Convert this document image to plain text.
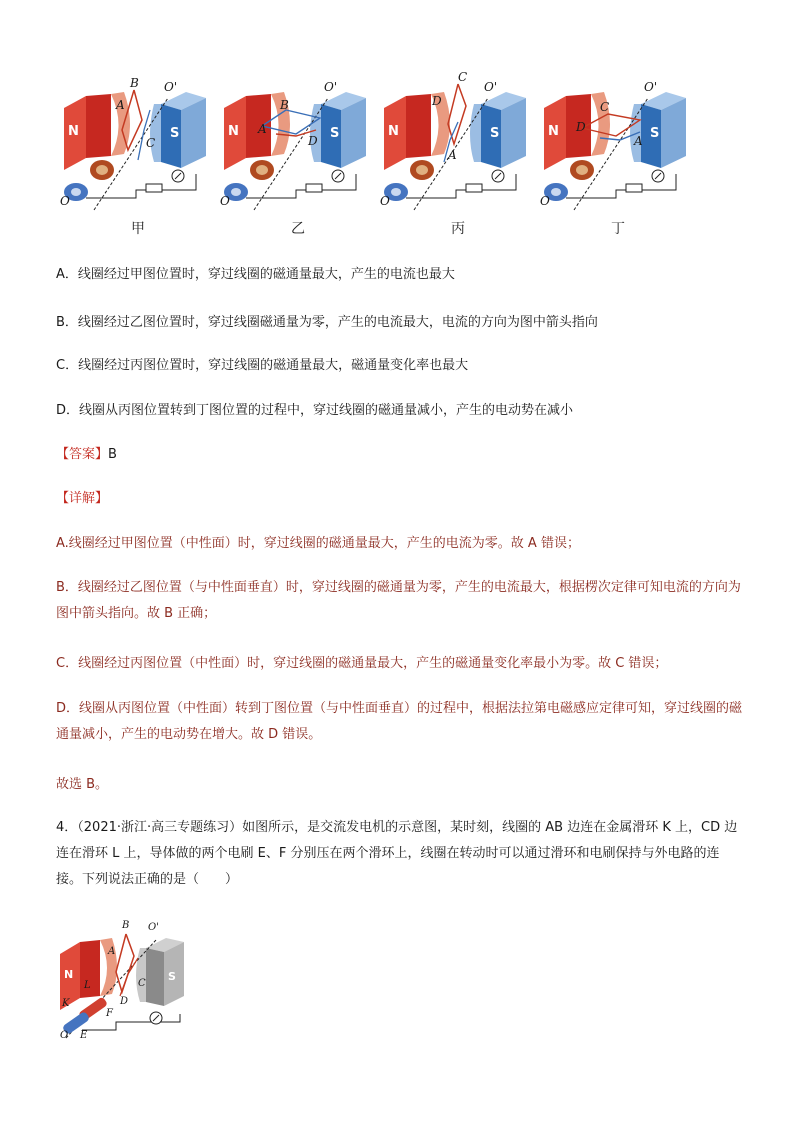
N	S
B
A
C
O'
O
甲
N	S
B
A
D
O'
O
乙
N	S
C
D
A
O'
O
丙
N	S
C
D
A
O'
O
丁
A．线圈经过甲图位置时，穿过线圈的磁通量最大，产生的电流也最大
B．线圈经过乙图位置时，穿过线圈磁通量为零，产生的电流最大，电流的方向为图中箭头指向
C．线圈经过丙图位置时，穿过线圈的磁通量最大，磁通量变化率也最大
D．线圈从丙图位置转到丁图位置的过程中，穿过线圈的磁通量减小，产生的电动势在减小
【答案】B
【详解】
A.线圈经过甲图位置（中性面）时，穿过线圈的磁通量最大，产生的电流为零。故 A 错误；
B．线圈经过乙图位置（与中性面垂直）时，穿过线圈的磁通量为零，产生的电流最大，根据楞次定律可知电流的方向为图中箭头指向。故 B 正确；
C．线圈经过丙图位置（中性面）时，穿过线圈的磁通量最大，产生的磁通量变化率最小为零。故 C 错误；
D．线圈从丙图位置（中性面）转到丁图位置（与中性面垂直）的过程中，根据法拉第电磁感应定律可知，穿过线圈的磁通量减小，产生的电动势在增大。故 D 错误。
故选 B。
4．（2021·浙江·高三专题练习）如图所示，是交流发电机的示意图，某时刻，线圈的 AB 边连在金属滑环 K 上，CD 边连在滑环 L 上，导体做的两个电刷 E、F 分别压在两个滑环上，线圈在转动时可以通过滑环和电刷保持与外电路的连接。下列说法正确的是（　　）
N	S
B
A
C
D
L
K
F
E
O'
O
